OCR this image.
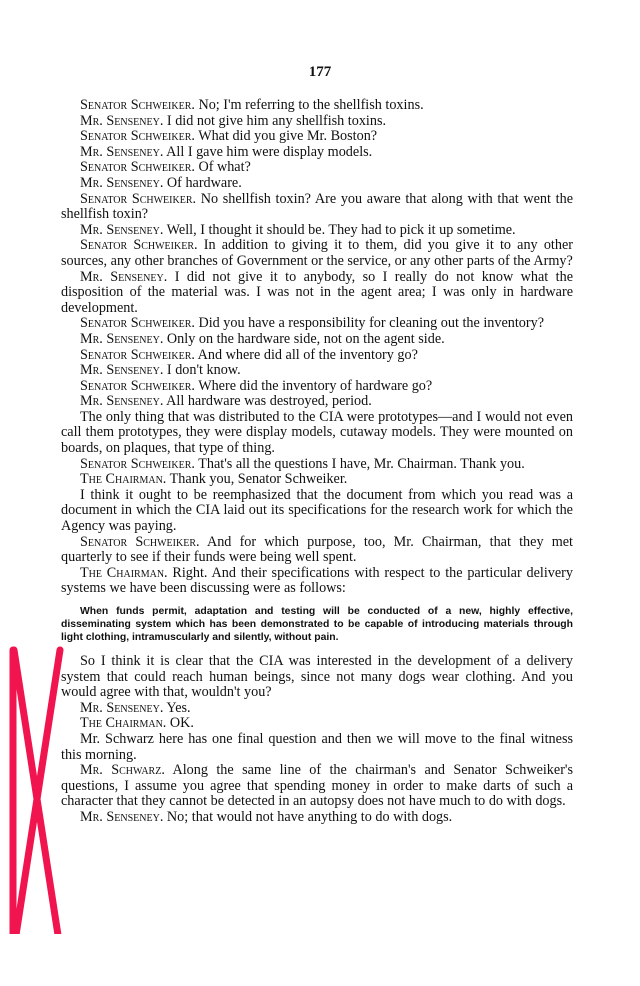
177
Senator Schweiker. No; I'm referring to the shellfish toxins.
Mr. Senseney. I did not give him any shellfish toxins.
Senator Schweiker. What did you give Mr. Boston?
Mr. Senseney. All I gave him were display models.
Senator Schweiker. Of what?
Mr. Senseney. Of hardware.
Senator Schweiker. No shellfish toxin? Are you aware that along with that went the shellfish toxin?
Mr. Senseney. Well, I thought it should be. They had to pick it up sometime.
Senator Schweiker. In addition to giving it to them, did you give it to any other sources, any other branches of Government or the service, or any other parts of the Army?
Mr. Senseney. I did not give it to anybody, so I really do not know what the disposition of the material was. I was not in the agent area; I was only in hardware development.
Senator Schweiker. Did you have a responsibility for cleaning out the inventory?
Mr. Senseney. Only on the hardware side, not on the agent side.
Senator Schweiker. And where did all of the inventory go?
Mr. Senseney. I don't know.
Senator Schweiker. Where did the inventory of hardware go?
Mr. Senseney. All hardware was destroyed, period.
The only thing that was distributed to the CIA were prototypes—and I would not even call them prototypes, they were display models, cutaway models. They were mounted on boards, on plaques, that type of thing.
Senator Schweiker. That's all the questions I have, Mr. Chairman. Thank you.
The Chairman. Thank you, Senator Schweiker.
I think it ought to be reemphasized that the document from which you read was a document in which the CIA laid out its specifications for the research work for which the Agency was paying.
Senator Schweiker. And for which purpose, too, Mr. Chairman, that they met quarterly to see if their funds were being well spent.
The Chairman. Right. And their specifications with respect to the particular delivery systems we have been discussing were as follows:
When funds permit, adaptation and testing will be conducted of a new, highly effective, disseminating system which has been demonstrated to be capable of introducing materials through light clothing, intramuscularly and silently, without pain.
So I think it is clear that the CIA was interested in the development of a delivery system that could reach human beings, since not many dogs wear clothing. And you would agree with that, wouldn't you?
Mr. Senseney. Yes.
The Chairman. OK.
Mr. Schwarz here has one final question and then we will move to the final witness this morning.
Mr. Schwarz. Along the same line of the chairman's and Senator Schweiker's questions, I assume you agree that spending money in order to make darts of such a character that they cannot be detected in an autopsy does not have much to do with dogs.
Mr. Senseney. No; that would not have anything to do with dogs.
